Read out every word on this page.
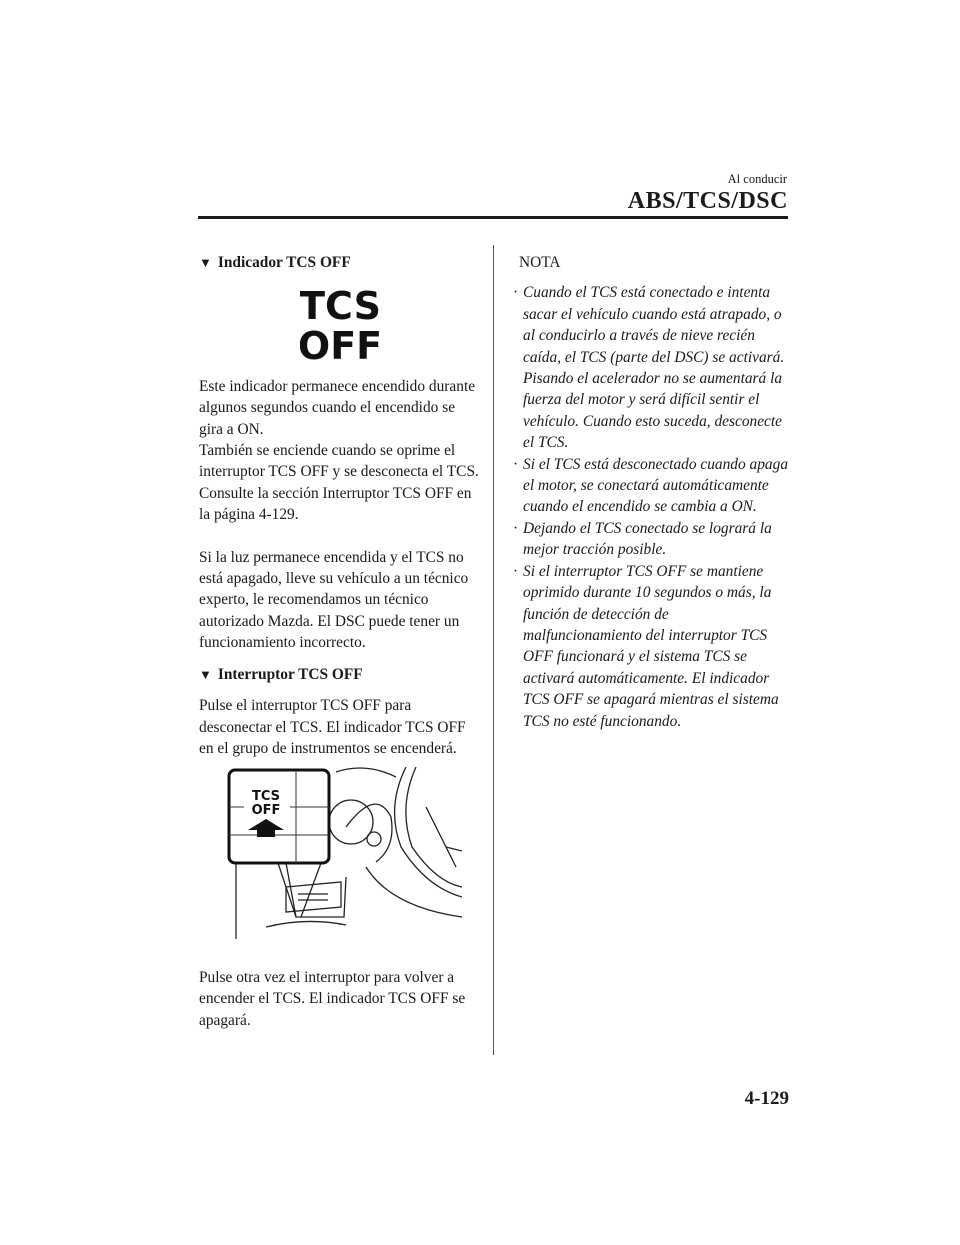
Al conducir
ABS/TCS/DSC
▼ Indicador TCS OFF
TCS
OFF

Este indicador permanece encendido durante algunos segundos cuando el encendido se gira a ON.

También se enciende cuando se oprime el interruptor TCS OFF y se desconecta el TCS.

Consulte la sección Interruptor TCS OFF en la página 4-129.

Si la luz permanece encendida y el TCS no está apagado, lleve su vehículo a un técnico experto, le recomendamos un técnico autorizado Mazda. El DSC puede tener un funcionamiento incorrecto.

▼ Interruptor TCS OFF

Pulse el interruptor TCS OFF para desconectar el TCS. El indicador TCS OFF en el grupo de instrumentos se encenderá.

TCS
OFF

Pulse otra vez el interruptor para volver a encender el TCS. El indicador TCS OFF se apagará.

NOTA

· Cuando el TCS está conectado e intenta sacar el vehículo cuando está atrapado, o al conducirlo a través de nieve recién caída, el TCS (parte del DSC) se activará. Pisando el acelerador no se aumentará la fuerza del motor y será difícil sentir el vehículo. Cuando esto suceda, desconecte el TCS.
· Si el TCS está desconectado cuando apaga el motor, se conectará automáticamente cuando el encendido se cambia a ON.
· Dejando el TCS conectado se logrará la mejor tracción posible.
· Si el interruptor TCS OFF se mantiene oprimido durante 10 segundos o más, la función de detección de malfuncionamiento del interruptor TCS OFF funcionará y el sistema TCS se activará automáticamente. El indicador TCS OFF se apagará mientras el sistema TCS no esté funcionando.
4-129
